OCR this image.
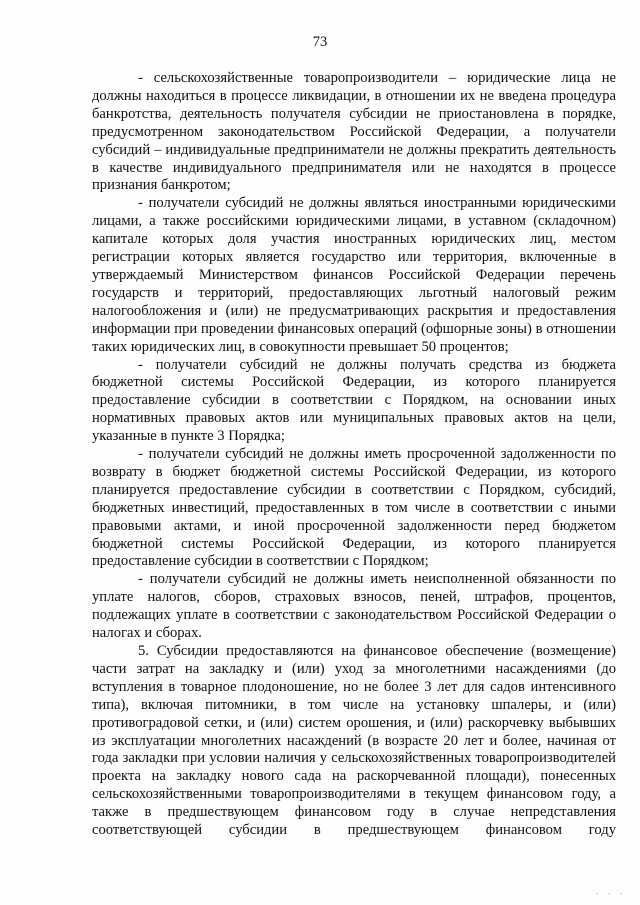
73

- сельскохозяйственные товаропроизводители – юридические лица не должны находиться в процессе ликвидации, в отношении их не введена процедура банкротства, деятельность получателя субсидии не приостановлена в порядке, предусмотренном законодательством Российской Федерации, а получатели субсидий – индивидуальные предприниматели не должны прекратить деятельность в качестве индивидуального предпринимателя или не находятся в процессе признания банкротом;

- получатели субсидий не должны являться иностранными юридическими лицами, а также российскими юридическими лицами, в уставном (складочном) капитале которых доля участия иностранных юридических лиц, местом регистрации которых является государство или территория, включенные в утверждаемый Министерством финансов Российской Федерации перечень государств и территорий, предоставляющих льготный налоговый режим налогообложения и (или) не предусматривающих раскрытия и предоставления информации при проведении финансовых операций (офшорные зоны) в отношении таких юридических лиц, в совокупности превышает 50 процентов;

- получатели субсидий не должны получать средства из бюджета бюджетной системы Российской Федерации, из которого планируется предоставление субсидии в соответствии с Порядком, на основании иных нормативных правовых актов или муниципальных правовых актов на цели, указанные в пункте 3 Порядка;

- получатели субсидий не должны иметь просроченной задолженности по возврату в бюджет бюджетной системы Российской Федерации, из которого планируется предоставление субсидии в соответствии с Порядком, субсидий, бюджетных инвестиций, предоставленных в том числе в соответствии с иными правовыми актами, и иной просроченной задолженности перед бюджетом бюджетной системы Российской Федерации, из которого планируется предоставление субсидии в соответствии с Порядком;

- получатели субсидий не должны иметь неисполненной обязанности по уплате налогов, сборов, страховых взносов, пеней, штрафов, процентов, подлежащих уплате в соответствии с законодательством Российской Федерации о налогах и сборах.

5. Субсидии предоставляются на финансовое обеспечение (возмещение) части затрат на закладку и (или) уход за многолетними насаждениями (до вступления в товарное плодоношение, но не более 3 лет для садов интенсивного типа), включая питомники, в том числе на установку шпалеры, и (или) противоградовой сетки, и (или) систем орошения, и (или) раскорчевку выбывших из эксплуатации многолетних насаждений (в возрасте 20 лет и более, начиная от года закладки при условии наличия у сельскохозяйственных товаропроизводителей проекта на закладку нового сада на раскорчеванной площади), понесенных сельскохозяйственными товаропроизводителями в текущем финансовом году, а также в предшествующем финансовом году в случае непредставления соответствующей субсидии в предшествующем финансовом году
